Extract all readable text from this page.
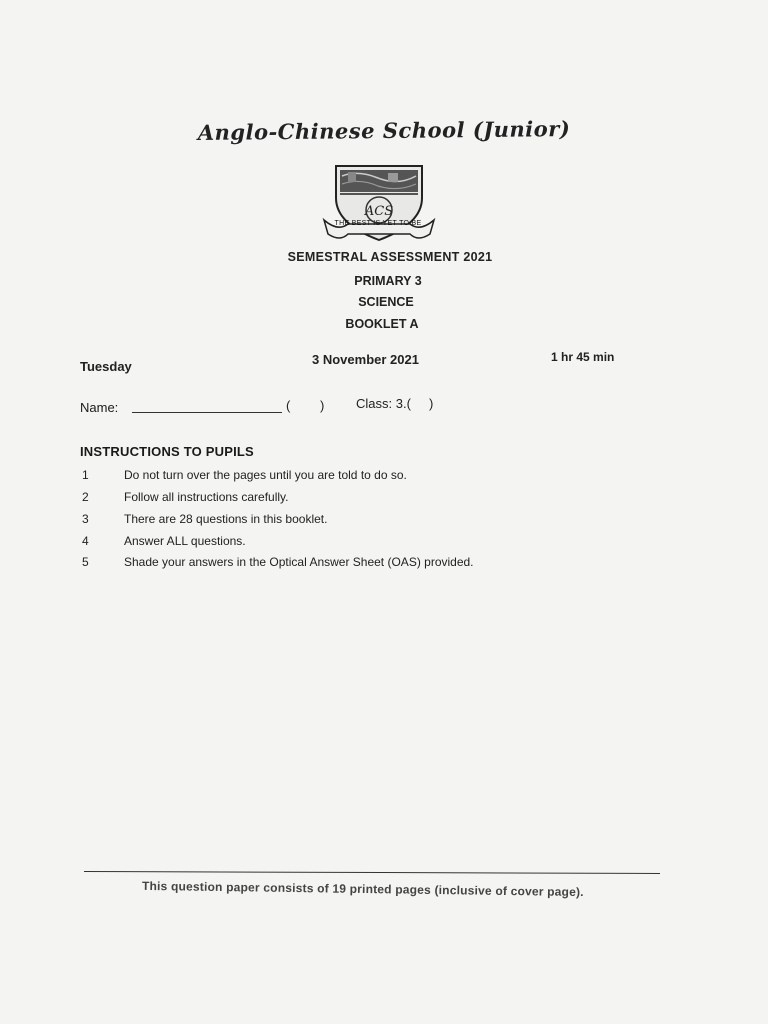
Anglo-Chinese School (Junior)
ACS
THE BEST IS YET TO BE
SEMESTRAL ASSESSMENT 2021
PRIMARY 3
SCIENCE
BOOKLET A
Tuesday	3 November 2021	1 hr 45 min
Name:	( ) Class: 3.(     )
INSTRUCTIONS TO PUPILS
1	Do not turn over the pages until you are told to do so.
2	Follow all instructions carefully.
3	There are 28 questions in this booklet.
4	Answer ALL questions.
5	Shade your answers in the Optical Answer Sheet (OAS) provided.
This question paper consists of 19 printed pages (inclusive of cover page).
